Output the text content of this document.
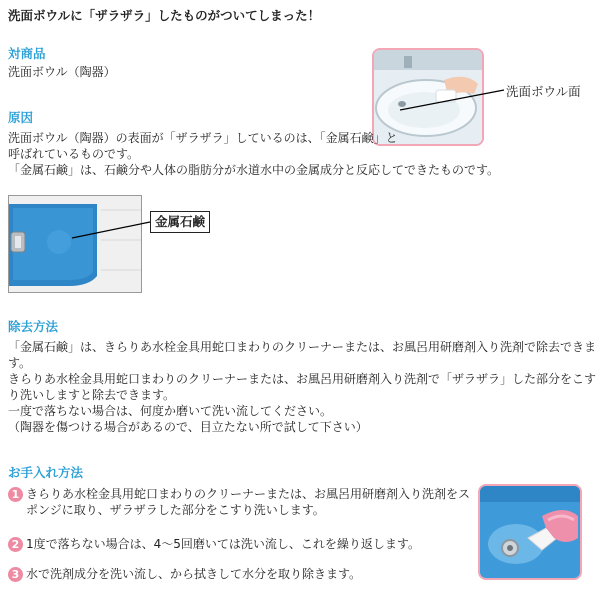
洗面ボウルに「ザラザラ」したものがついてしまった！
対商品
洗面ボウル（陶器）
洗面ボウル面
原因
洗面ボウル（陶器）の表面が「ザラザラ」しているのは、「金属石鹸」と
呼ばれているものです。
「金属石鹸」は、石鹸分や人体の脂肪分が水道水中の金属成分と反応してできたものです。
金属石鹸
除去方法
「金属石鹸」は、きらりあ水栓金具用蛇口まわりのクリーナーまたは、お風呂用研磨剤入り洗剤で除去できま
す。
きらりあ水栓金具用蛇口まわりのクリーナーまたは、お風呂用研磨剤入り洗剤で「ザラザラ」した部分をこす
り洗いしますと除去できます。
一度で落ちない場合は、何度か磨いて洗い流してください。
（陶器を傷つける場合があるので、目立たない所で試して下さい）
お手入れ方法
1 きらりあ水栓金具用蛇口まわりのクリーナーまたは、お風呂用研磨剤入り洗剤をス
ポンジに取り、ザラザラした部分をこすり洗いします。
2 1度で落ちない場合は、4〜5回磨いては洗い流し、これを繰り返します。
3 水で洗剤成分を洗い流し、から拭きして水分を取り除きます。
